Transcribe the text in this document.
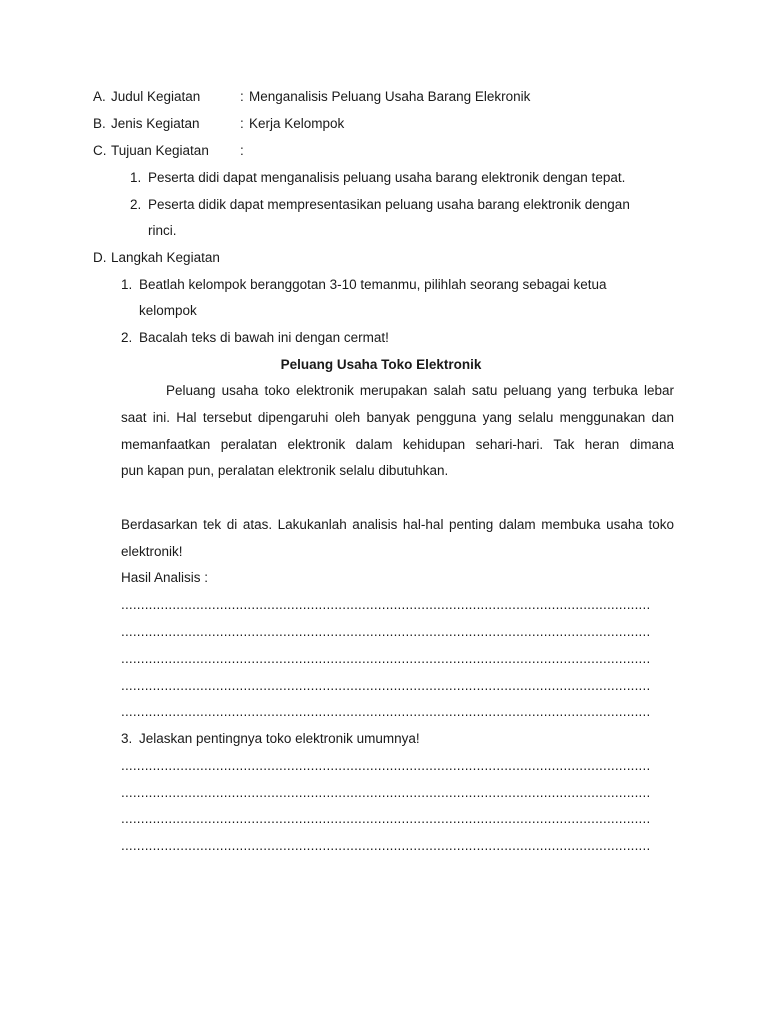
A. Judul Kegiatan	: Menganalisis Peluang Usaha Barang Elekronik
B. Jenis Kegiatan	: Kerja Kelompok
C. Tujuan Kegiatan :
1. Peserta didi dapat menganalisis peluang usaha barang elektronik dengan tepat.
2. Peserta didik dapat mempresentasikan peluang usaha barang elektronik dengan
rinci.
D. Langkah Kegiatan
1. Beatlah kelompok beranggotan 3-10 temanmu, pilihlah seorang sebagai ketua
kelompok
2. Bacalah teks di bawah ini dengan cermat!
Peluang Usaha Toko Elektronik
Peluang usaha toko elektronik merupakan salah satu peluang yang terbuka lebar
saat ini. Hal tersebut dipengaruhi oleh banyak pengguna yang selalu menggunakan dan
memanfaatkan peralatan elektronik dalam kehidupan sehari-hari. Tak heran dimana
pun kapan pun, peralatan elektronik selalu dibutuhkan.
Berdasarkan tek di atas. Lakukanlah analisis hal-hal penting dalam membuka usaha toko
elektronik!
Hasil Analisis :
......................................................................................................................................
......................................................................................................................................
......................................................................................................................................
......................................................................................................................................
......................................................................................................................................
3. Jelaskan pentingnya toko elektronik umumnya!
......................................................................................................................................
......................................................................................................................................
......................................................................................................................................
......................................................................................................................................
